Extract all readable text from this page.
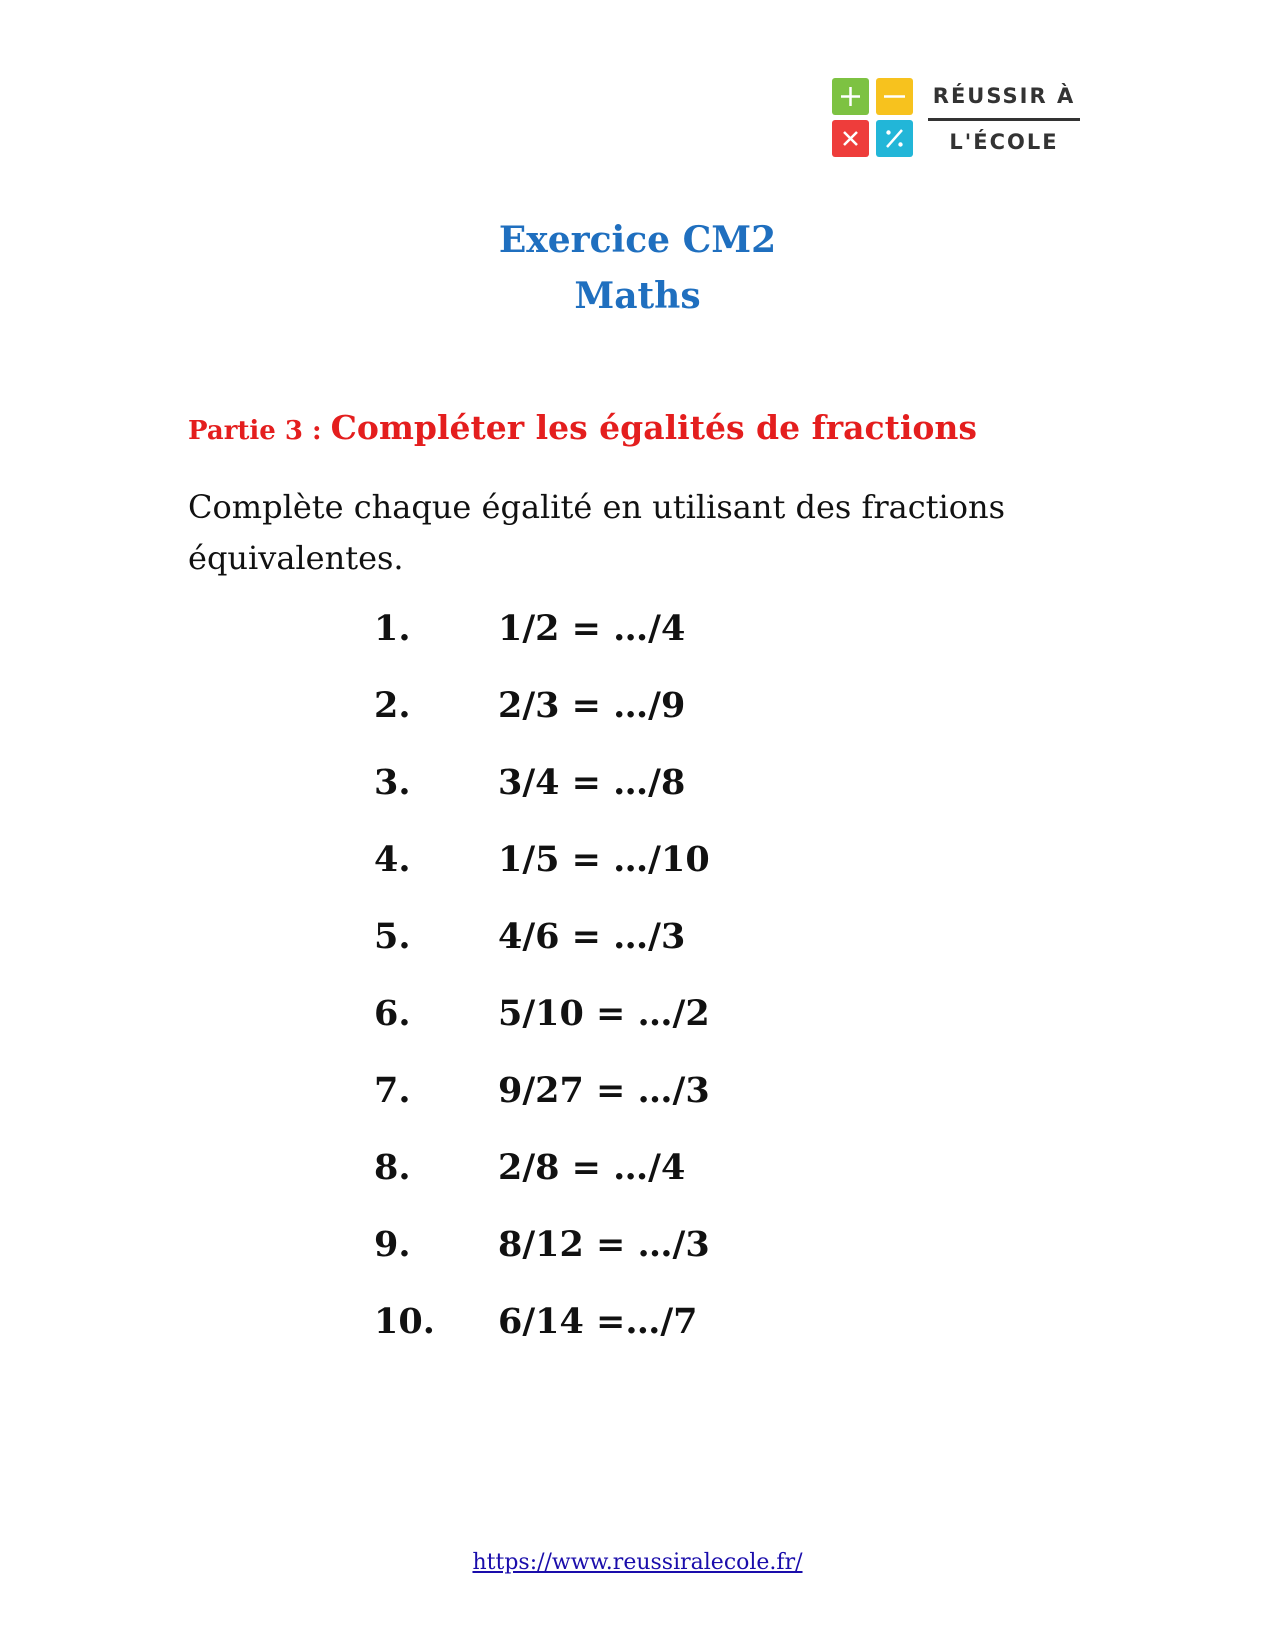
RÉUSSIR À
L'ÉCOLE
Exercice CM2
Maths
Partie 3 : Compléter les égalités de fractions
Complète chaque égalité en utilisant des fractions équivalentes.
1. 1/2 = …/4
2. 2/3 = …/9
3. 3/4 = …/8
4. 1/5 = …/10
5. 4/6 = …/3
6. 5/10 = …/2
7. 9/27 = …/3
8. 2/8 = …/4
9. 8/12 = …/3
10. 6/14 =…/7
https://www.reussiralecole.fr/
